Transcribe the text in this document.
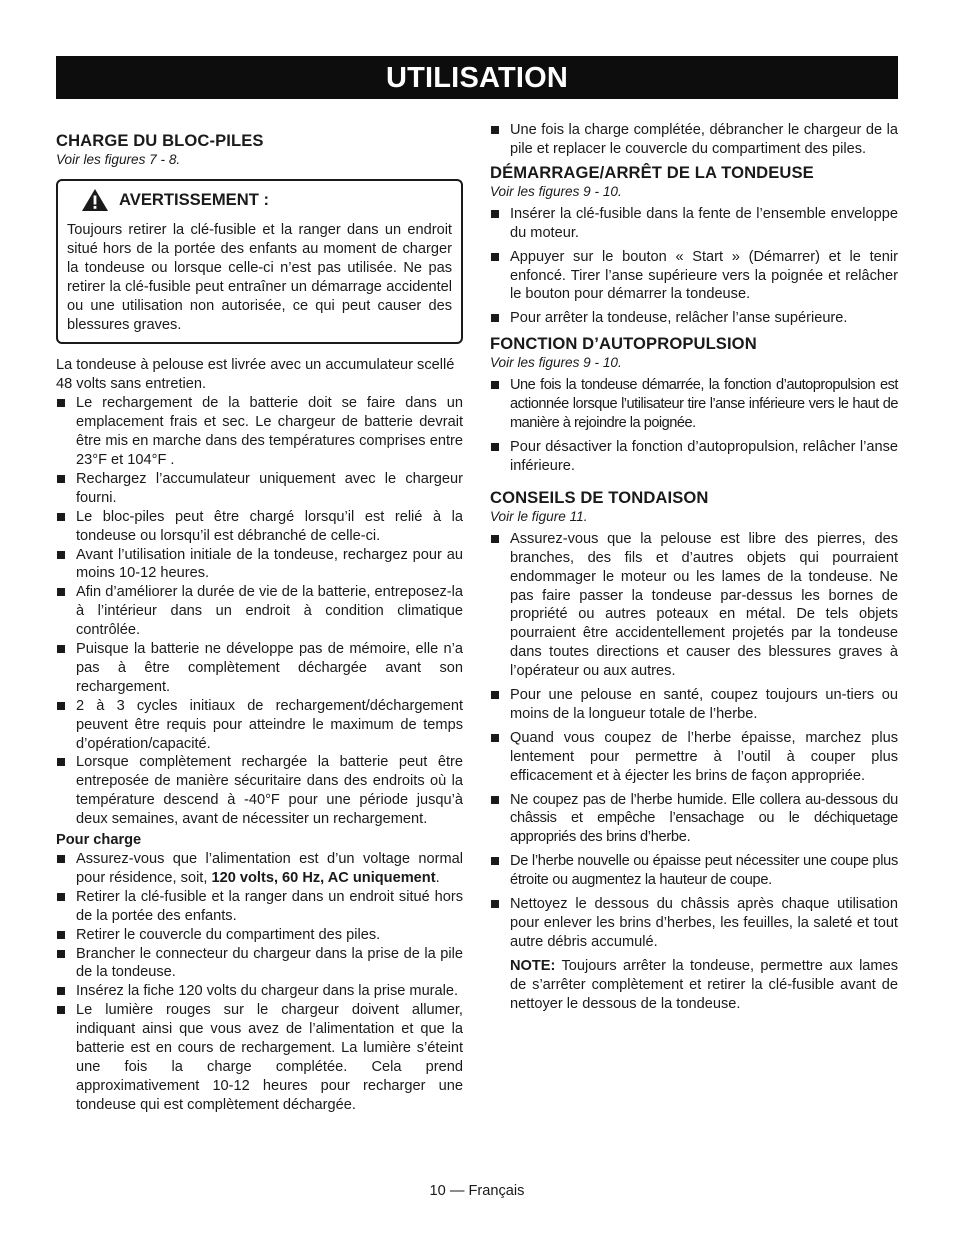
UTILISATION
CHARGE DU BLOC-PILES

Voir les figures 7 - 8.

AVERTISSEMENT :

Toujours retirer la clé-fusible et la ranger dans un endroit situé hors de la portée des enfants au moment de charger la tondeuse ou lorsque celle-ci n’est pas utilisée. Ne pas retirer la clé-fusible peut entraîner un démarrage accidentel ou une utilisation non autorisée, ce qui peut causer des blessures graves.

La tondeuse à pelouse est livrée avec un accumulateur scellé 48 volts sans entretien.

Le rechargement de la batterie doit se faire dans un emplacement frais et sec. Le chargeur de batterie devrait être mis en marche dans des températures comprises entre 23°F et 104°F .
Rechargez l’accumulateur uniquement avec le chargeur fourni.
Le bloc-piles peut être chargé lorsqu’il est relié à la tondeuse ou lorsqu’il est débranché de celle-ci.
Avant l’utilisation initiale de la tondeuse, rechargez pour au moins 10-12 heures.
Afin d’améliorer la durée de vie de la batterie, entreposez-la à l’intérieur dans un endroit à condition climatique contrôlée.
Puisque la batterie ne développe pas de mémoire, elle n’a pas à être complètement déchargée avant son rechargement.
2 à 3 cycles initiaux de rechargement/déchargement peuvent être requis pour atteindre le maximum de temps d’opération/capacité.
Lorsque complètement rechargée la batterie peut être entreposée de manière sécuritaire dans des endroits où la température descend à -40°F pour une période jusqu’à deux semaines, avant de nécessiter un rechargement.

Pour charge

Assurez-vous que l’alimentation est d’un voltage normal pour résidence, soit, 120 volts, 60 Hz, AC uniquement.
Retirer la clé-fusible et la ranger dans un endroit situé hors de la portée des enfants.
Retirer le couvercle du compartiment des piles.
Brancher le connecteur du chargeur dans la prise de la pile de la tondeuse.
Insérez la fiche 120 volts du chargeur dans la prise murale.
Le lumière rouges sur le chargeur doivent allumer, indiquant ainsi que vous avez de l’alimentation et que la batterie est en cours de rechargement. La lumière s’éteint une fois la charge complétée. Cela prend approximativement 10-12 heures pour recharger une tondeuse qui est complètement déchargée.
Une fois la charge complétée, débrancher le chargeur de la pile et replacer le couvercle du compartiment des piles.
DÉMARRAGE/ARRÊT DE LA TONDEUSE

Voir les figures 9 - 10.

Insérer la clé-fusible dans la fente de l’ensemble enveloppe du moteur.
Appuyer sur le bouton « Start » (Démarrer) et le tenir enfoncé. Tirer l’anse supérieure vers la poignée et relâcher le bouton pour démarrer la tondeuse.
Pour arrêter la tondeuse, relâcher l’anse supérieure.
FONCTION D’AUTOPROPULSION

Voir les figures 9 - 10.

Une fois la tondeuse démarrée, la fonction d’autopropulsion est actionnée lorsque l’utilisateur tire l’anse inférieure vers le haut de manière à rejoindre la poignée.
Pour désactiver la fonction d’autopropulsion, relâcher l’anse inférieure.
CONSEILS DE TONDAISON

Voir le figure 11.

Assurez-vous que la pelouse est libre des pierres, des branches, des fils et d’autres objets qui pourraient endommager le moteur ou les lames de la tondeuse. Ne pas faire passer la tondeuse par-dessus les bornes de propriété ou autres poteaux en métal. De tels objets pourraient être accidentellement projetés par la tondeuse dans toutes directions et causer des blessures graves à l’opérateur ou aux autres.
Pour une pelouse en santé, coupez toujours un-tiers ou moins de la longueur totale de l’herbe.
Quand vous coupez de l’herbe épaisse, marchez plus lentement pour permettre à l’outil à couper plus efficacement et à éjecter les brins de façon appropriée.
Ne coupez pas de l’herbe humide. Elle collera au-dessous du châssis et empêche l’ensachage ou le déchiquetage appropriés des brins d’herbe.
De l’herbe nouvelle ou épaisse peut nécessiter une coupe plus étroite ou augmentez la hauteur de coupe.
Nettoyez le dessous du châssis après chaque utilisation pour enlever les brins d’herbes, les feuilles, la saleté et tout autre débris accumulé.

NOTE: Toujours arrêter la tondeuse, permettre aux lames de s’arrêter complètement et retirer la clé-fusible avant de nettoyer le dessous de la tondeuse.

10 — Français
